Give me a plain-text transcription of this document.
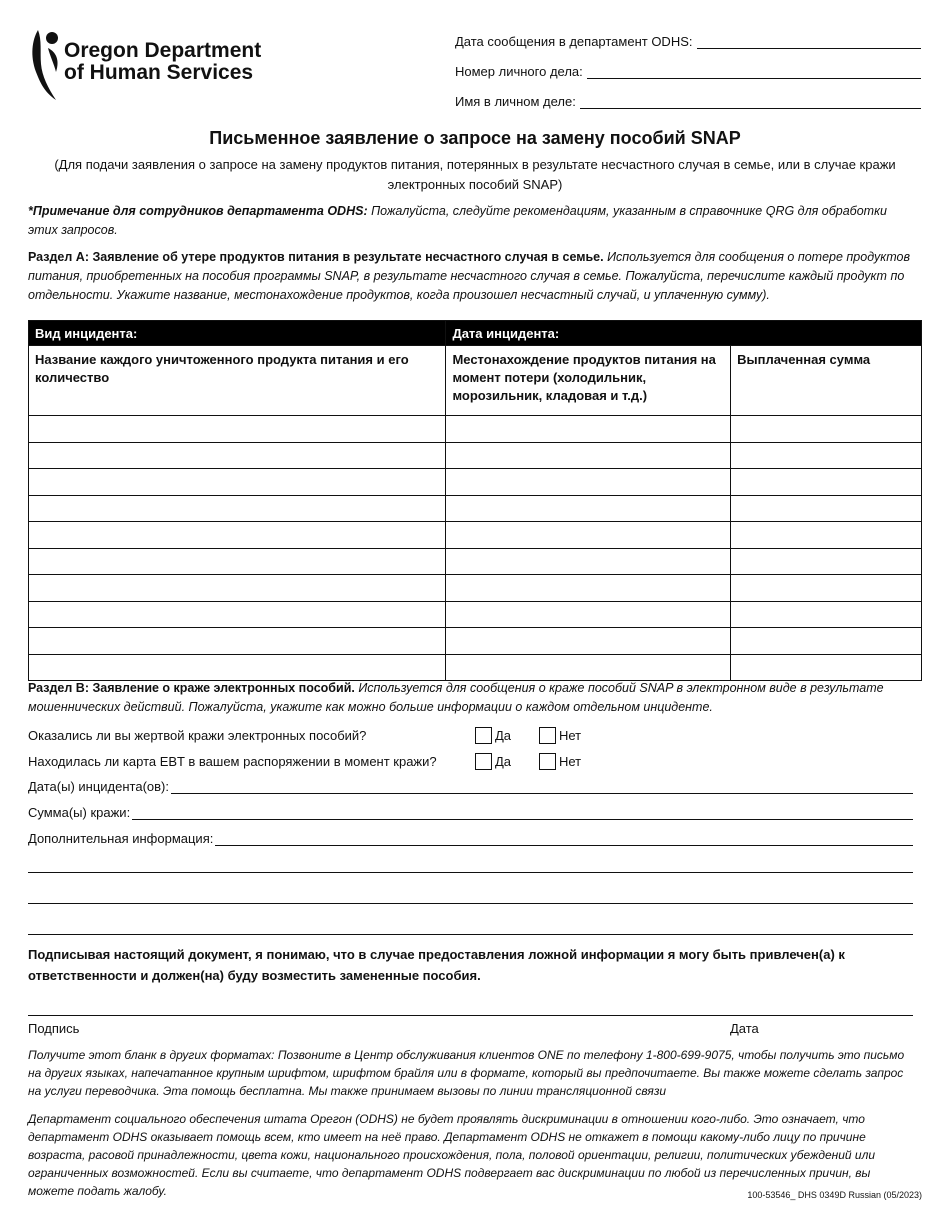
Oregon Department
of Human Services
Дата сообщения в департамент ODHS:
Номер личного дела:
Имя в личном деле:
Письменное заявление о запросе на замену пособий SNAP
(Для подачи заявления о запросе на замену продуктов питания, потерянных в результате несчастного случая в семье, или в случае кражи
электронных пособий SNAP)
*Примечание для сотрудников департамента ODHS: Пожалуйста, следуйте рекомендациям, указанным в справочнике QRG для обработки этих запросов.
Раздел A: Заявление об утере продуктов питания в результате несчастного случая в семье. Используется для сообщения о потере продуктов питания, приобретенных на пособия программы SNAP, в результате несчастного случая в семье. Пожалуйста, перечислите каждый продукт по отдельности. Укажите название, местонахождение продуктов, когда произошел несчастный случай, и уплаченную сумму).
Вид инцидента:	Дата инцидента:	
Название каждого уничтоженного продукта питания и его количество	Местонахождение продуктов питания на момент потери (холодильник, морозильник, кладовая и т.д.)	Выплаченная сумма

Раздел B: Заявление о краже электронных пособий. Используется для сообщения о краже пособий SNAP в электронном виде в результате мошеннических действий. Пожалуйста, укажите как можно больше информации о каждом отдельном инциденте.
Оказались ли вы жертвой кражи электронных пособий?	Да	Нет
Находилась ли карта EBT в вашем распоряжении в момент кражи?	Да	Нет
Дата(ы) инцидента(ов):
Сумма(ы) кражи:
Дополнительная информация:
Подписывая настоящий документ, я понимаю, что в случае предоставления ложной информации я могу быть привлечен(а) к ответственности и должен(на) буду возместить замененные пособия.
Подпись	Дата
Получите этот бланк в других форматах: Позвоните в Центр обслуживания клиентов ONE по телефону 1-800-699-9075, чтобы получить это письмо на других языках, напечатанное крупным шрифтом, шрифтом брайля или в формате, который вы предпочитаете. Вы также можете сделать запрос на услуги переводчика. Эта помощь бесплатна. Мы также принимаем вызовы по линии трансляционной связи
Департамент социального обеспечения штата Орегон (ODHS) не будет проявлять дискриминации в отношении кого-либо. Это означает, что департамент ODHS оказывает помощь всем, кто имеет на неё право. Департамент ODHS не откажет в помощи какому-либо лицу по причине возраста, расовой принадлежности, цвета кожи, национального происхождения, пола, половой ориентации, религии, политических убеждений или ограниченных возможностей. Если вы считаете, что департамент ODHS подвергает вас дискриминации по любой из перечисленных причин, вы можете подать жалобу.	100-53546_ DHS 0349D Russian (05/2023)
